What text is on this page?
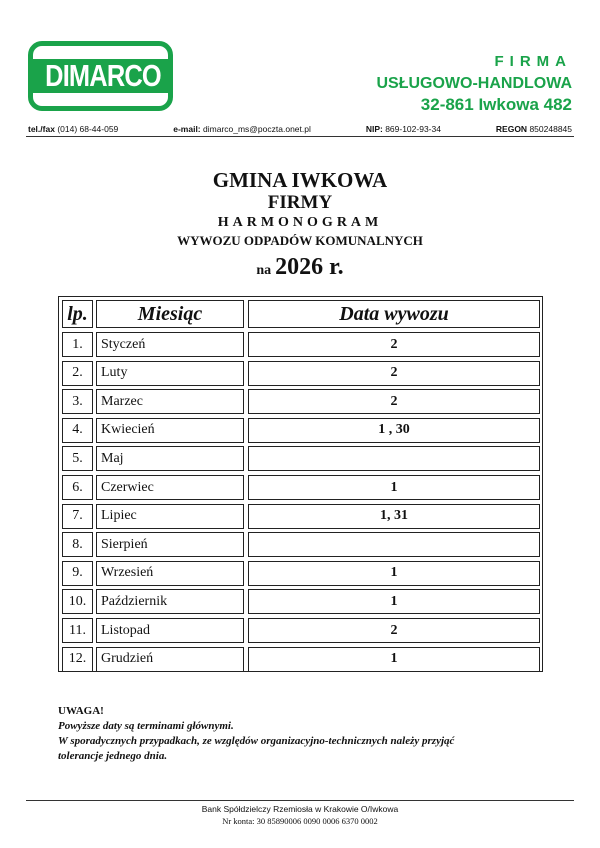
DIMARCO	FIRMA
USŁUGOWO-HANDLOWA
32-861 Iwkowa 482
tel./fax (014) 68-44-059	e-mail: dimarco_ms@poczta.onet.pl	NIP: 869-102-93-34	REGON 850248845
GMINA IWKOWA
FIRMY
HARMONOGRAM
WYWOZU ODPADÓW KOMUNALNYCH
na 2026 r.
lp.	Miesiąc	Data wywozu
1.	Styczeń	2
2.	Luty	2
3.	Marzec	2
4.	Kwiecień	1 , 30
5.	Maj
6.	Czerwiec	1
7.	Lipiec	1, 31
8.	Sierpień
9.	Wrzesień	1
10.	Październik	1
11.	Listopad	2
12.	Grudzień	1
UWAGA!
Powyższe daty są terminami głównymi.
W sporadycznych przypadkach, ze względów organizacyjno-technicznych należy przyjąć
tolerancje jednego dnia.
Bank Spółdzielczy Rzemiosła w Krakowie O/Iwkowa
Nr konta: 30 85890006 0090 0006 6370 0002
